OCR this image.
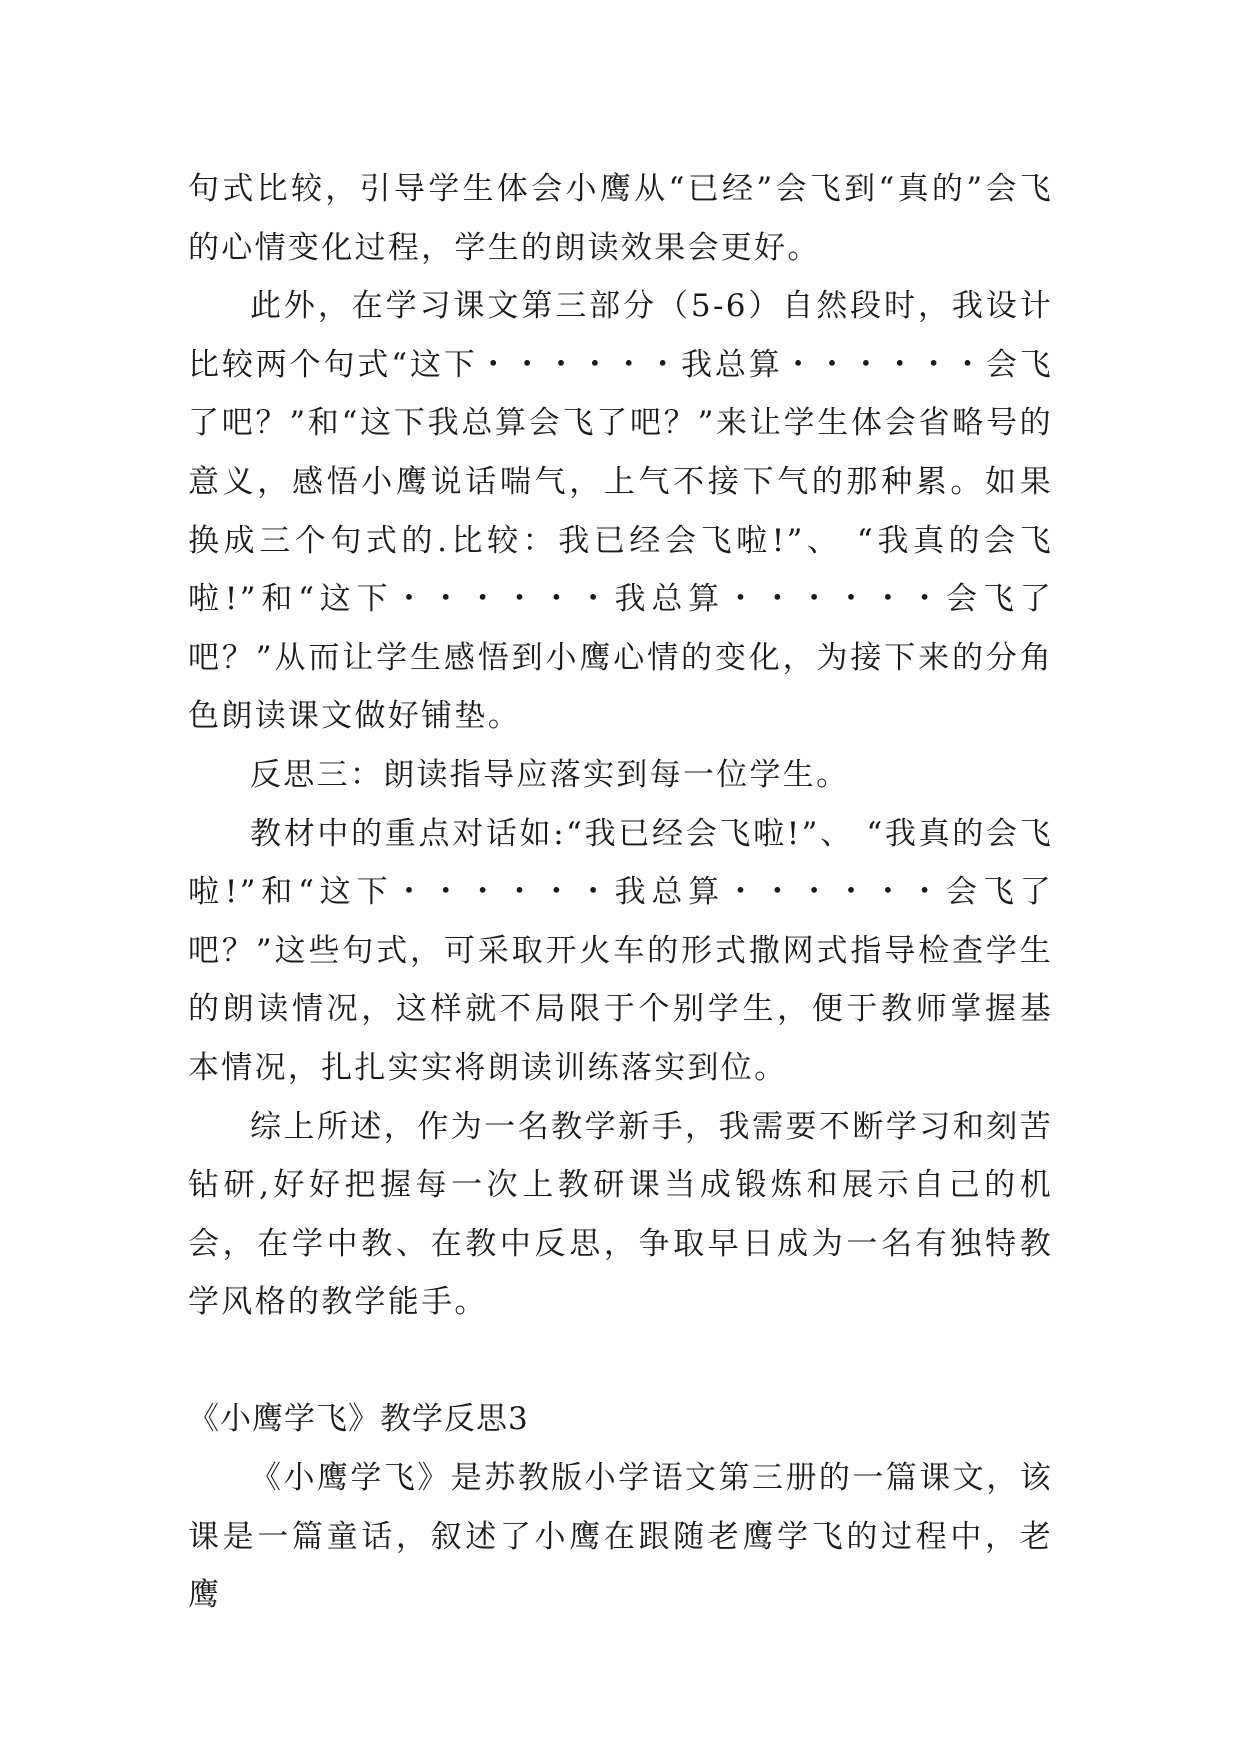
句式比较，引导学生体会小鹰从“已经”会飞到“真的”会飞的心情变化过程，学生的朗读效果会更好。

此外，在学习课文第三部分（5-6）自然段时，我设计比较两个句式“这下・・・・・・我总算・・・・・・会飞了吧？”和“这下我总算会飞了吧？”来让学生体会省略号的意义，感悟小鹰说话喘气，上气不接下气的那种累。如果换成三个句式的.比较：我已经会飞啦!”、 “我真的会飞啦!”和“这下・・・・・・我总算・・・・・・会飞了吧？”从而让学生感悟到小鹰心情的变化，为接下来的分角色朗读课文做好铺垫。

反思三：朗读指导应落实到每一位学生。

教材中的重点对话如:“我已经会飞啦!”、 “我真的会飞啦!”和“这下・・・・・・我总算・・・・・・会飞了吧？”这些句式，可采取开火车的形式撒网式指导检查学生的朗读情况，这样就不局限于个别学生，便于教师掌握基本情况，扎扎实实将朗读训练落实到位。

综上所述，作为一名教学新手，我需要不断学习和刻苦钻研,好好把握每一次上教研课当成锻炼和展示自己的机会，在学中教、在教中反思，争取早日成为一名有独特教学风格的教学能手。

《小鹰学飞》教学反思3

《小鹰学飞》是苏教版小学语文第三册的一篇课文，该课是一篇童话，叙述了小鹰在跟随老鹰学飞的过程中，老鹰
